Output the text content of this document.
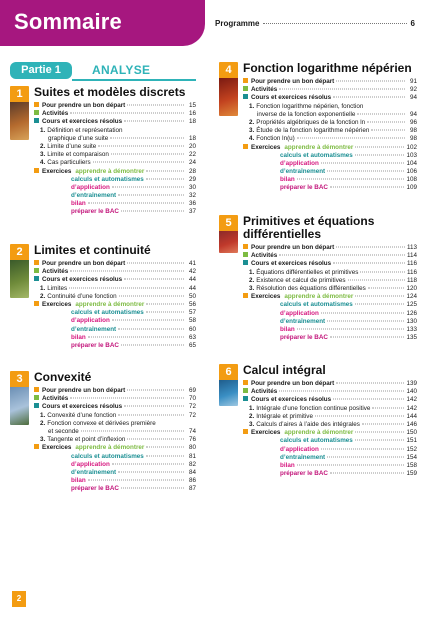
Sommaire	Programme	6
Partie 1	ANALYSE
1 Suites et modèles discrets
Pour prendre un bon départ	15
Activités	16
Cours et exercices résolus	18
1. Définition et représentation
graphique d’une suite	18
2. Limite d’une suite	20
3. Limite et comparaison	22
4. Cas particuliers	24
Exercices apprendre à démontrer	28
calculs et automatismes	29
d’application	30
d’entraînement	32
bilan	36
préparer le BAC	37
2 Limites et continuité
Pour prendre un bon départ	41
Activités	42
Cours et exercices résolus	44
1. Limites	44
2. Continuité d’une fonction	50
Exercices apprendre à démontrer	56
calculs et automatismes	57
d’application	58
d’entraînement	60
bilan	63
préparer le BAC	65
3 Convexité
Pour prendre un bon départ	69
Activités	70
Cours et exercices résolus	72
1. Convexité d’une fonction	72
2. Fonction convexe et dérivées première
et seconde	74
3. Tangente et point d’inflexion	76
Exercices apprendre à démontrer	80
calculs et automatismes	81
d’application	82
d’entraînement	84
bilan	86
préparer le BAC	87
4 Fonction logarithme népérien
Pour prendre un bon départ	91
Activités	92
Cours et exercices résolus	94
1. Fonction logarithme népérien, fonction
inverse de la fonction exponentielle	94
2. Propriétés algébriques de la fonction ln	96
3. Étude de la fonction logarithme népérien	98
4. Fonction ln(u)	98
Exercices apprendre à démontrer	102
calculs et automatismes	103
d’application	104
d’entraînement	106
bilan	108
préparer le BAC	109
5 Primitives et équations
différentielles
Pour prendre un bon départ	113
Activités	114
Cours et exercices résolus	116
1. Équations différentielles et primitives	116
2. Existence et calcul de primitives	118
3. Résolution des équations différentielles	120
Exercices apprendre à démontrer	124
calculs et automatismes	125
d’application	126
d’entraînement	130
bilan	133
préparer le BAC	135
6 Calcul intégral
Pour prendre un bon départ	139
Activités	140
Cours et exercices résolus	142
1. Intégrale d’une fonction continue positive	142
2. Intégrale et primitive	144
3. Calculs d’aires à l’aide des intégrales	146
Exercices apprendre à démontrer	150
calculs et automatismes	151
d’application	152
d’entraînement	154
bilan	158
préparer le BAC	159
2
